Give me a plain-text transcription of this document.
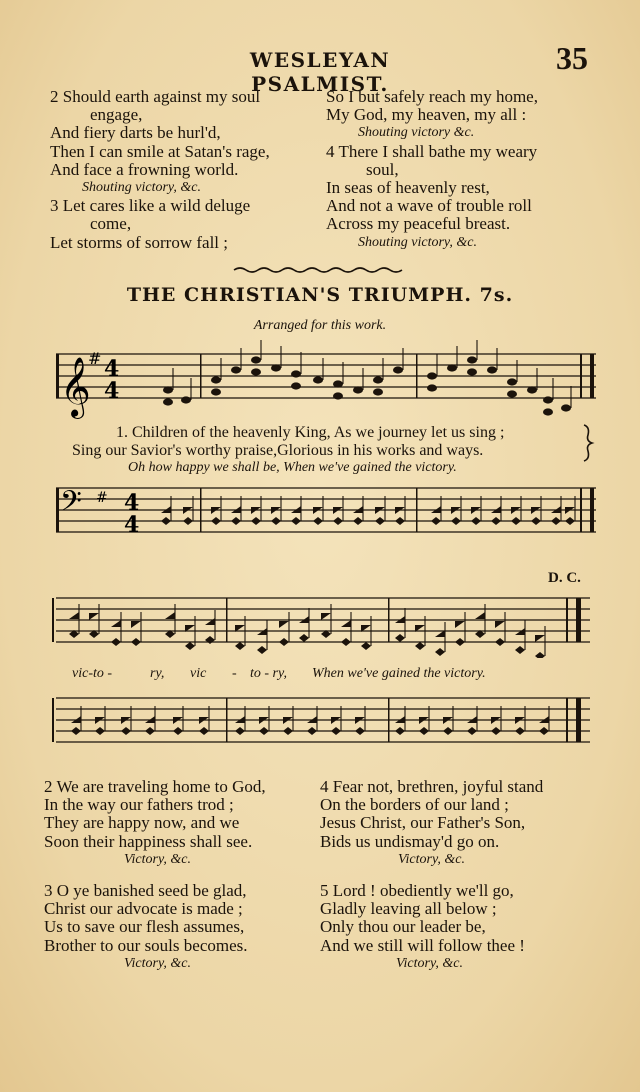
WESLEYAN PSALMIST.
35
2 Should earth against my soul
engage,
And fiery darts be hurl'd,
Then I can smile at Satan's rage,
And face a frowning world.
Shouting victory, &c.
3 Let cares like a wild deluge
come,
Let storms of sorrow fall ;
So I but safely reach my home,
My God, my heaven, my all :
Shouting victory &c.
4 There I shall bathe my weary
soul,
In seas of heavenly rest,
And not a wave of trouble roll
Across my peaceful breast.
Shouting victory, &c.
THE CHRISTIAN'S TRIUMPH. 7s.
Arranged for this work.
𝄞
# 4
4
1. Children of the heavenly King, As we journey let us sing ;
Sing our Savior's worthy praise,Glorious in his works and ways.
Oh how happy we shall be, When we've gained the victory.
𝄢 # 4
4
D. C.
vic-to -	ry, vic - to - ry, When we've gained the victory.
2 We are traveling home to God,
In the way our fathers trod ;
They are happy now, and we
Soon their happiness shall see.
Victory, &c.
3 O ye banished seed be glad,
Christ our advocate is made ;
Us to save our flesh assumes,
Brother to our souls becomes.
Victory, &c.
4 Fear not, brethren, joyful stand
On the borders of our land ;
Jesus Christ, our Father's Son,
Bids us undismay'd go on.
Victory, &c.
5 Lord ! obediently we'll go,
Gladly leaving all below ;
Only thou our leader be,
And we still will follow thee !
Victory, &c.
